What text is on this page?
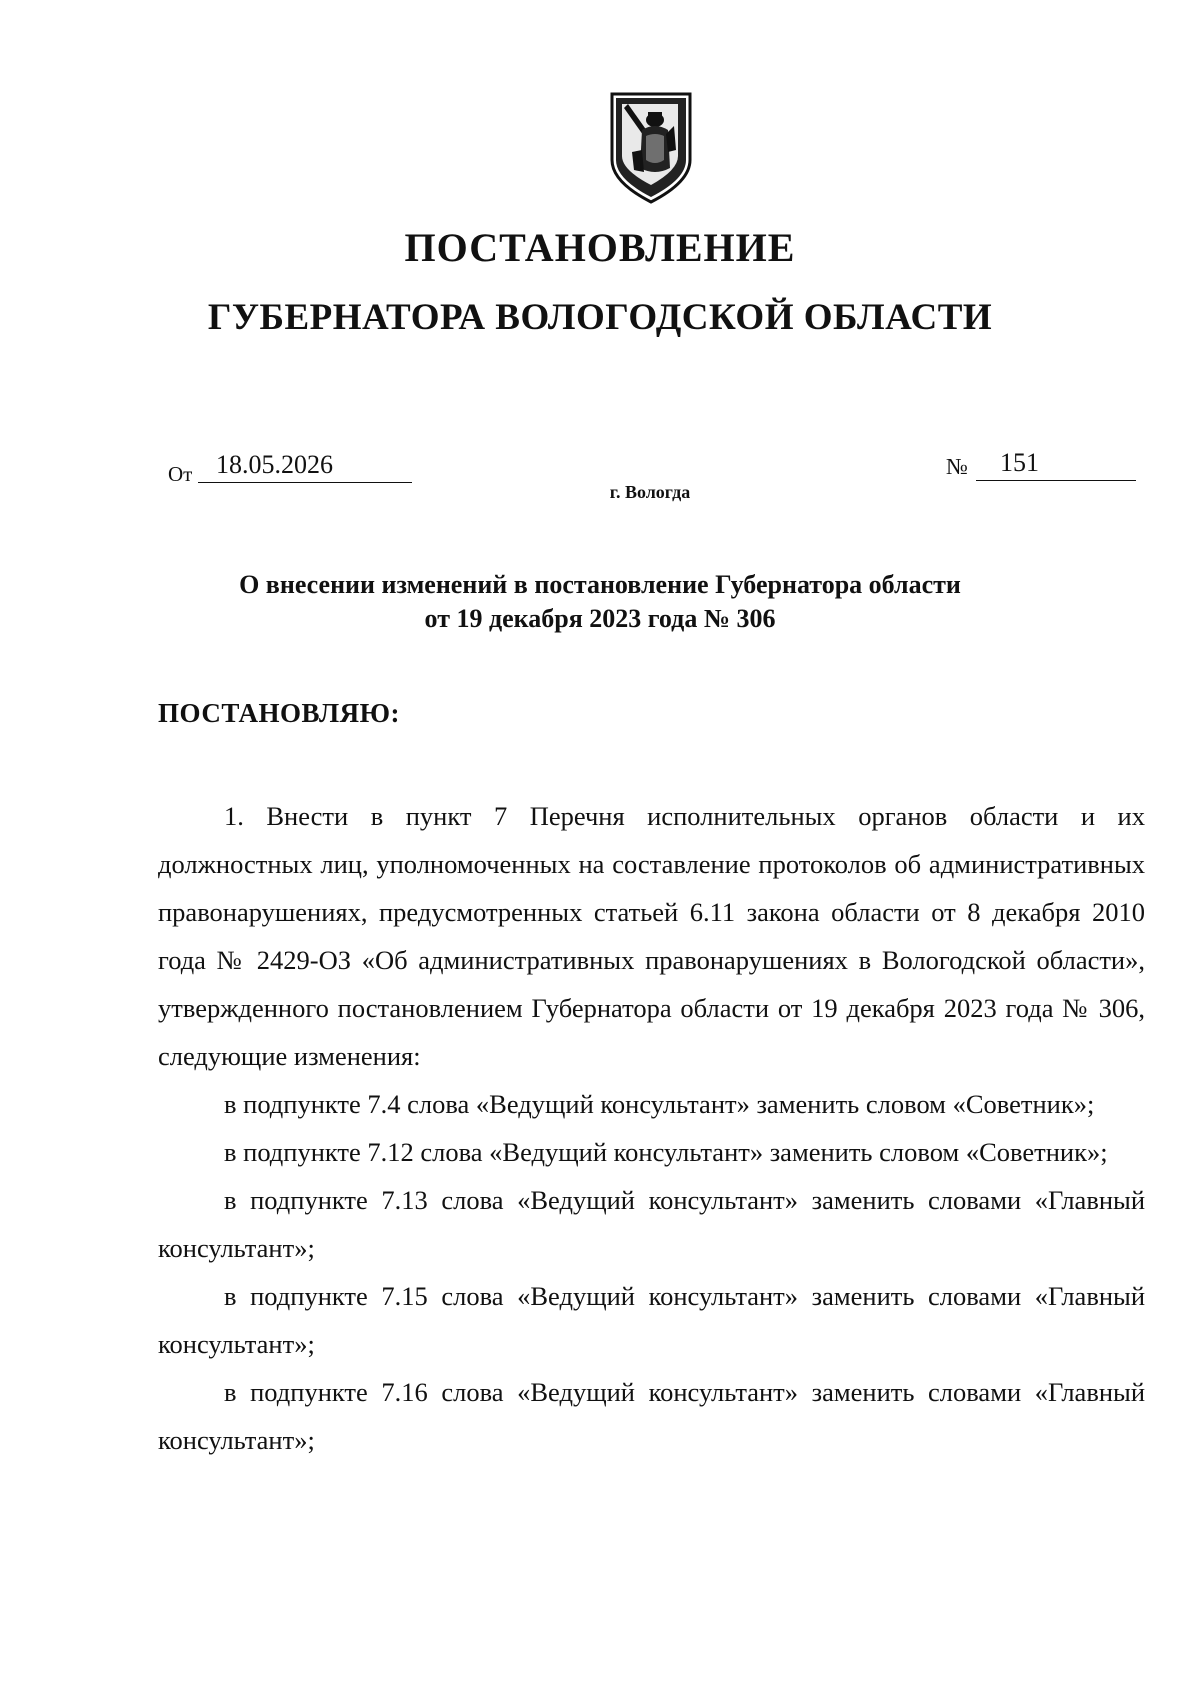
ПОСТАНОВЛЕНИЕ
ГУБЕРНАТОРА ВОЛОГОДСКОЙ ОБЛАСТИ
От 18.05.2026	№	151
г. Вологда
О внесении изменений в постановление Губернатора области
от 19 декабря 2023 года № 306
ПОСТАНОВЛЯЮ:

1. Внести в пункт 7 Перечня исполнительных органов области и их должностных лиц, уполномоченных на составление протоколов об административных правонарушениях, предусмотренных статьей 6.11 закона области от 8 декабря 2010 года № 2429-ОЗ «Об административных правонарушениях в Вологодской области», утвержденного постановлением Губернатора области от 19 декабря 2023 года № 306, следующие изменения:

в подпункте 7.4 слова «Ведущий консультант» заменить словом «Советник»;

в подпункте 7.12 слова «Ведущий консультант» заменить словом «Советник»;

в подпункте 7.13 слова «Ведущий консультант» заменить словами «Главный консультант»;

в подпункте 7.15 слова «Ведущий консультант» заменить словами «Главный консультант»;

в подпункте 7.16 слова «Ведущий консультант» заменить словами «Главный консультант»;
